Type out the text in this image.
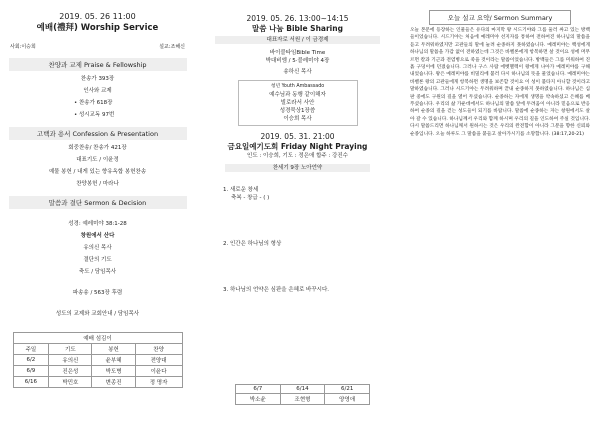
2019. 05. 26 11:00
예배(禮拜) Worship Service
사회:이승희	설교:조해신
찬양과 교제 Praise & Fellowship
찬송가 393장
인사와 교제
• 찬송가 618장
• 성시교독 97번
고백과 용서 Confession & Presentation
회중찬송/ 찬송가 421장
대표기도 / 이윤정
예물 봉헌 / 내게 있는 향유옥합 봉헌찬송
찬양봉헌 / 마라나
말씀과 결단 Sermon & Decision
성경: 예레미야 38:1-28
창원에서 산다
유의신 목사
결단의 기도
축도 / 담임목사
파송송 / 563장 후렴
성도의 교제와 교회안내 / 담임목사
예배 섬김이			
주일	기도	봉헌	찬양
6/2	유의신	윤부혜	전양대
6/9	진은성	박도병	이윤다
6/16	박민호	변종진	정 명자
2019. 05. 26. 13:00~14:15
말씀 나눔 Bible Sharing
대표자로 서원 / 이 금경제
바이블타임Bible Time
박대비엠 / 5·블레미야 4장
송하신 목사
청년 Youth Ambassado
예수님과 동행 같이해자
빌로라서 사안
성경묵상1장씀
이승희 목사
2019. 05. 31. 21:00
금요일예기도회 Friday Night Praying
인도 : 이승희, 기도 : 정은애 합주 : 강진수
찬세기 9장 노아언약
1. 새로운 창세
축복 - 창급 - ( )
2. 인간은 하나님의 형상
3. 하나님의 언약은 심판을 은혜로 바꾸시다.
6/7	6/14	6/21
박소윤	조현형	양영애
오늘 설교 요약/ Sermon Summary
오늘 본문에 등장하는 인물들은 유다의 마지막 왕 시드기야와 그를 둘러 싸고 있는 방백들이었습니다. 시드기야는 처음에 예레미야 선지자를 통하여 전하여진 하나님의 말씀을 듣고 두려워하였지만 고관들의 말에 눌려 순종하지 못하였습니다. 예레미야는 백성에게 하나님의 말씀을 가감 없이 전하였는데 그것은 바벨론에게 항복하면 살 것이요 성에 머무르면 칼과 기근과 전염병으로 죽을 것이라는 말씀이었습니다. 방백들은 그를 미워하여 진흙 구덩이에 던졌습니다. 그러나 구스 사람 에벳멜렉이 왕에게 나아가 예레미야를 구해 내었습니다. 왕은 예레미야를 비밀리에 불러 다시 하나님의 뜻을 물었습니다. 예레미야는 바벨론 왕의 고관들에게 항복하면 생명을 보존할 것이요 이 성이 불타지 아니할 것이라고 말하였습니다. 그러나 시드기야는 두려워하며 끝내 순종하지 못하였습니다. 하나님은 심판 중에도 구원의 길을 열어 두셨습니다. 순종하는 자에게 생명을 약속하셨고 은혜를 베푸셨습니다. 우리의 삶 가운데에서도 하나님의 말씀 앞에 두려움이 아니라 믿음으로 반응하여 순종의 길을 걷는 성도들이 되기를 바랍니다. 말씀에 순종하는 자는 창원에서도 살아 갈 수 있습니다. 하나님께서 우리와 함께 하시며 우리의 길을 인도하여 주실 것입니다. 다시 말씀드리면 하나님께서 원하시는 것은 우리의 완전함이 아니라 그분을 향한 신뢰와 순종입니다. 오늘 하루도 그 말씀을 붙들고 살아가시기를 소망합니다. (38:17,20-21)
